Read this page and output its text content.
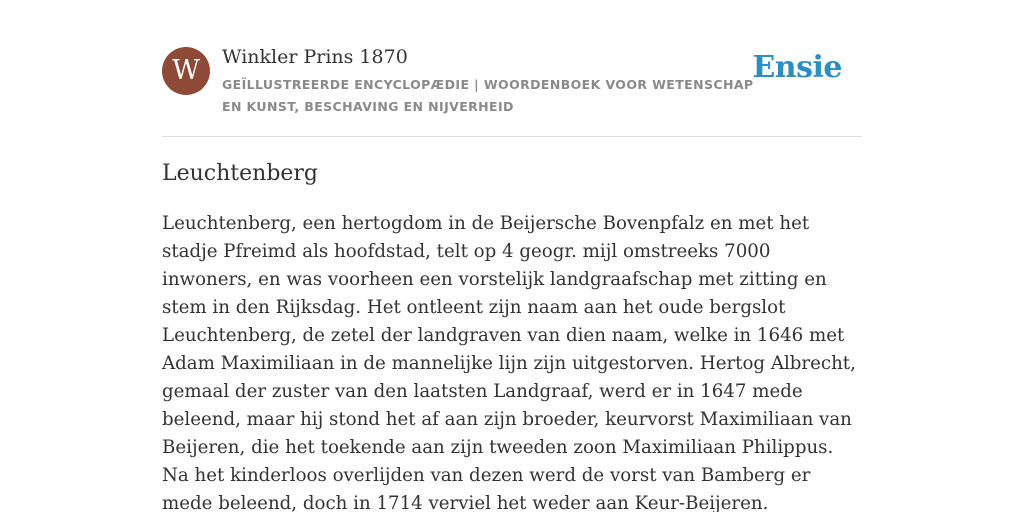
W	Winkler Prins 1870
GEÏLLUSTREERDE ENCYCLOPÆDIE | WOORDENBOEK VOOR WETENSCHAP EN KUNST, BESCHAVING EN NIJVERHEID
Ensie
Leuchtenberg

Leuchtenberg, een hertogdom in de Beijersche Bovenpfalz en met het stadje Pfreimd als hoofdstad, telt op 4 geogr. mijl omstreeks 7000 inwoners, en was voorheen een vorstelijk landgraafschap met zitting en stem in den Rijksdag. Het ontleent zijn naam aan het oude bergslot Leuchtenberg, de zetel der landgraven van dien naam, welke in 1646 met Adam Maximiliaan in de mannelijke lijn zijn uitgestorven. Hertog Albrecht, gemaal der zuster van den laatsten Landgraaf, werd er in 1647 mede beleend, maar hij stond het af aan zijn broeder, keurvorst Maximiliaan van Beijeren, die het toekende aan zijn tweeden zoon Maximiliaan Philippus. Na het kinderloos overlijden van dezen werd de vorst van Bamberg er mede beleend, doch in 1714 verviel het weder aan Keur-Beijeren.
